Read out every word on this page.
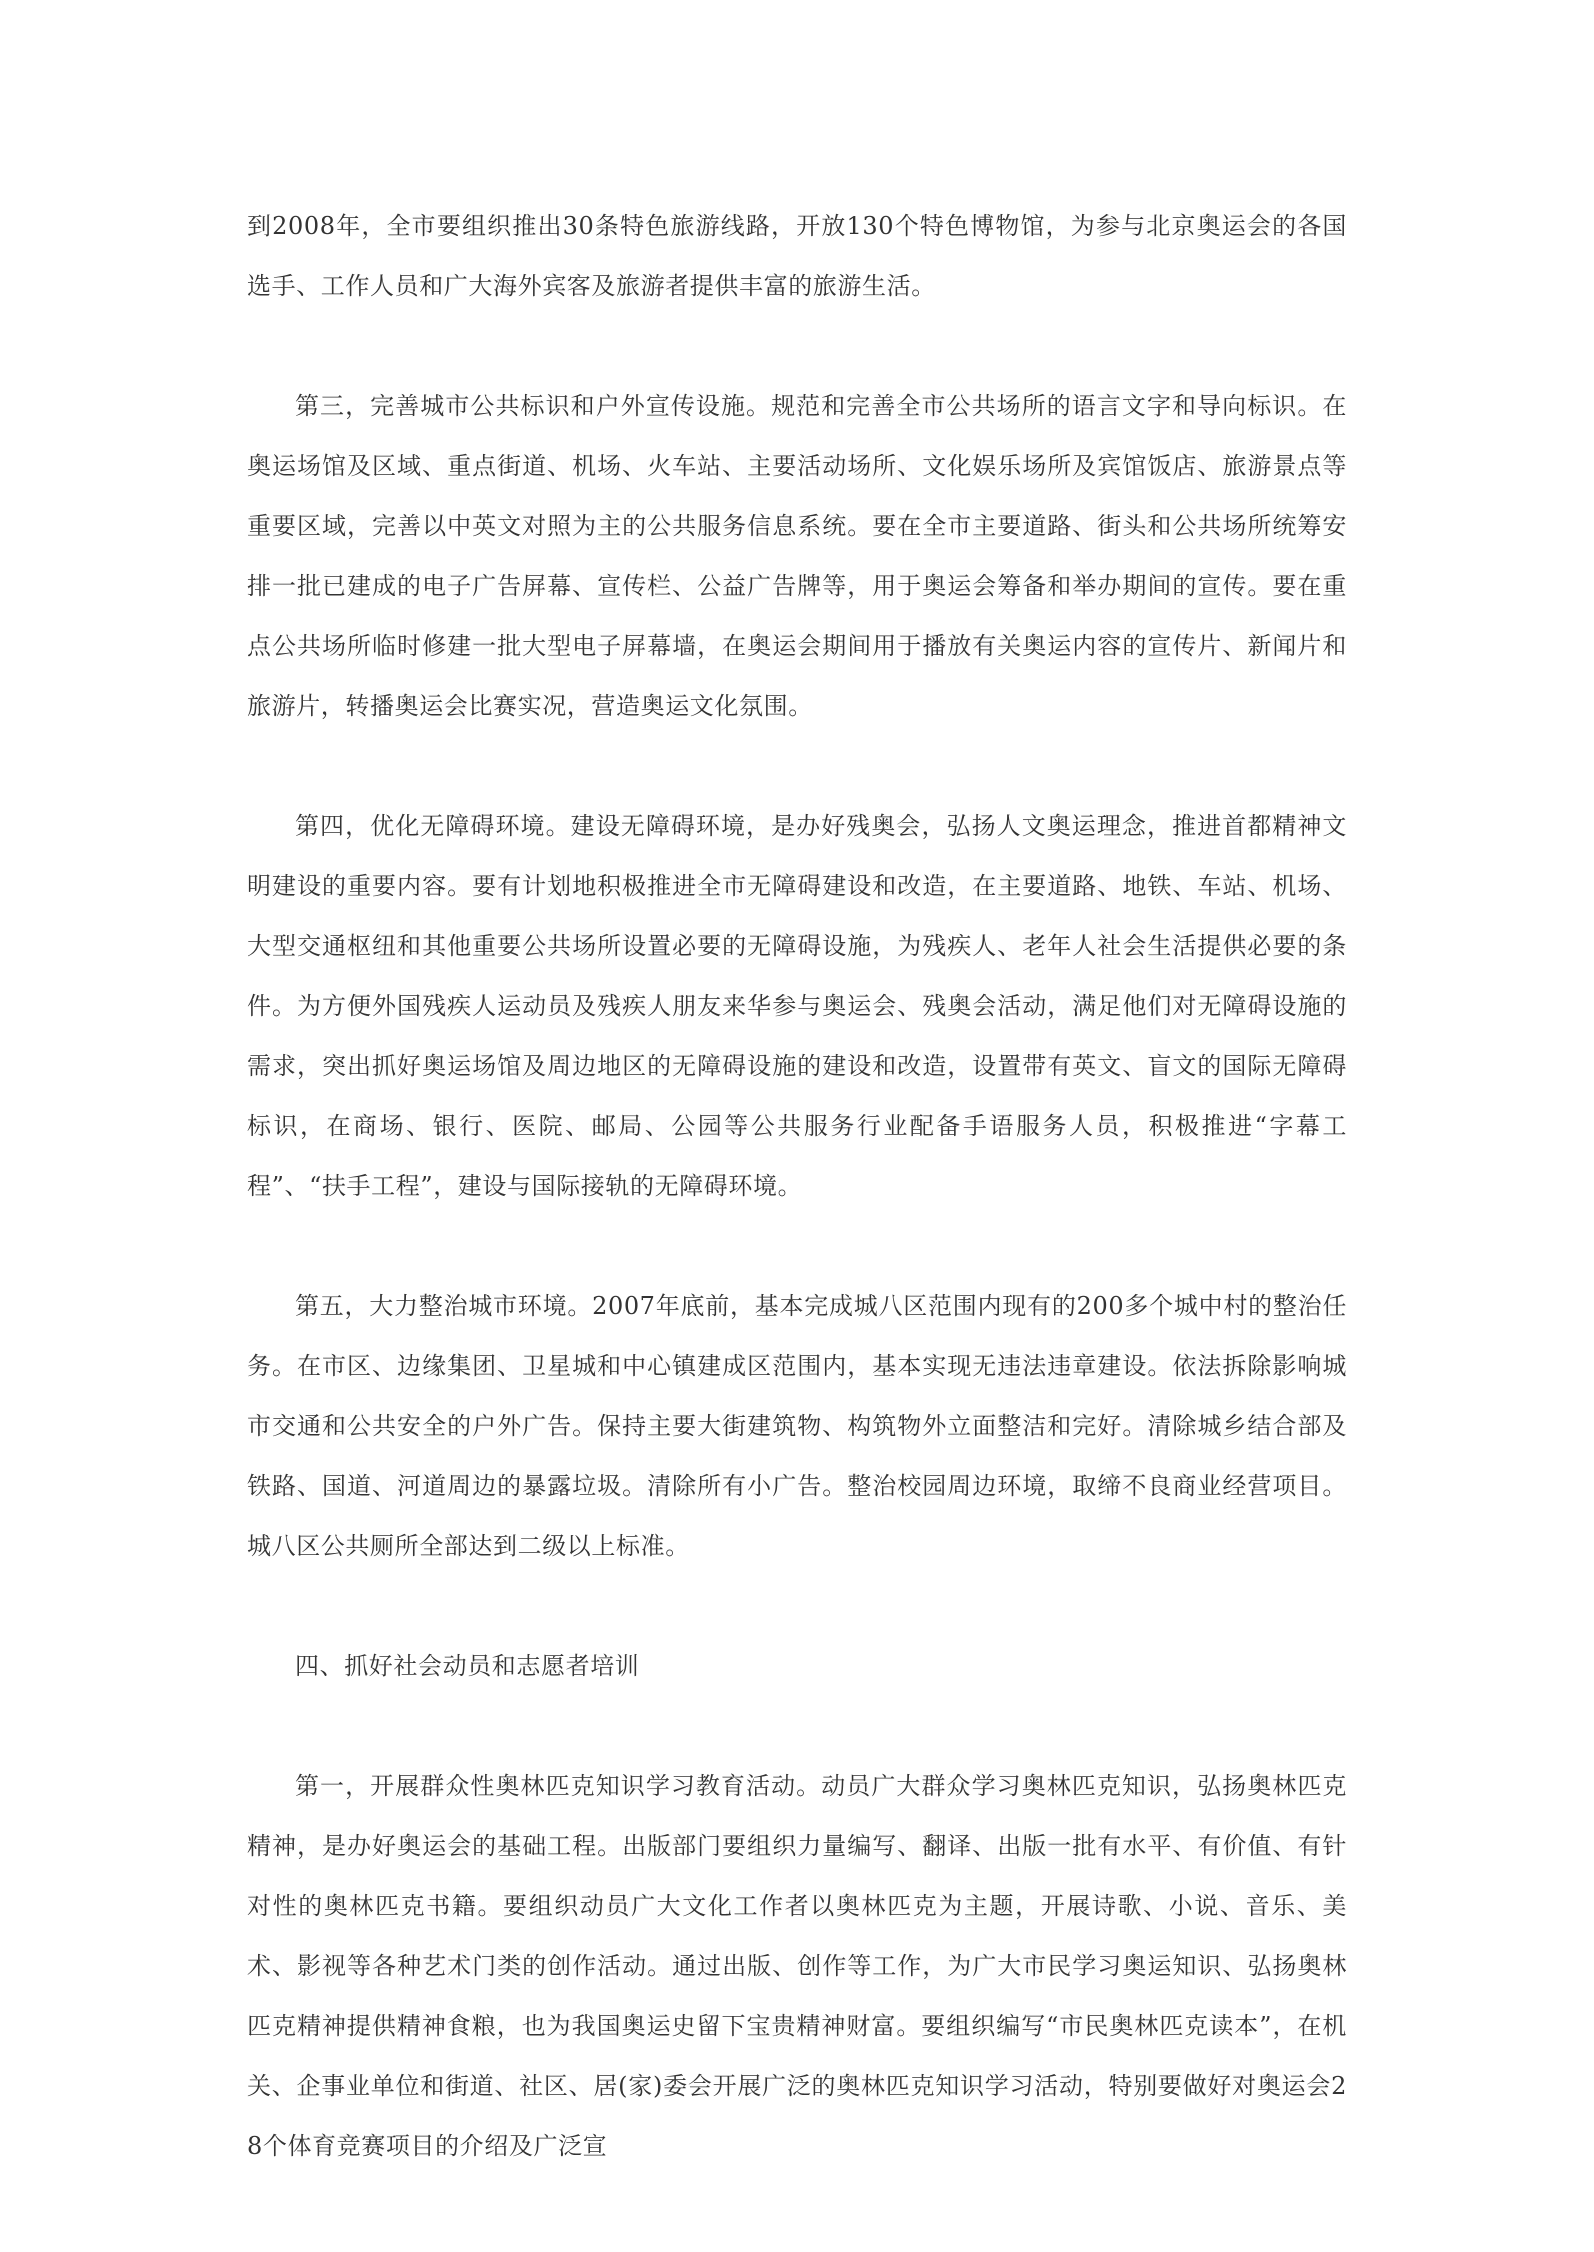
到2008年，全市要组织推出30条特色旅游线路，开放130个特色博物馆，为参与北京奥运会的各国选手、工作人员和广大海外宾客及旅游者提供丰富的旅游生活。

第三，完善城市公共标识和户外宣传设施。规范和完善全市公共场所的语言文字和导向标识。在奥运场馆及区域、重点街道、机场、火车站、主要活动场所、文化娱乐场所及宾馆饭店、旅游景点等重要区域，完善以中英文对照为主的公共服务信息系统。要在全市主要道路、街头和公共场所统筹安排一批已建成的电子广告屏幕、宣传栏、公益广告牌等，用于奥运会筹备和举办期间的宣传。要在重点公共场所临时修建一批大型电子屏幕墙，在奥运会期间用于播放有关奥运内容的宣传片、新闻片和旅游片，转播奥运会比赛实况，营造奥运文化氛围。

第四，优化无障碍环境。建设无障碍环境，是办好残奥会，弘扬人文奥运理念，推进首都精神文明建设的重要内容。要有计划地积极推进全市无障碍建设和改造，在主要道路、地铁、车站、机场、大型交通枢纽和其他重要公共场所设置必要的无障碍设施，为残疾人、老年人社会生活提供必要的条件。为方便外国残疾人运动员及残疾人朋友来华参与奥运会、残奥会活动，满足他们对无障碍设施的需求，突出抓好奥运场馆及周边地区的无障碍设施的建设和改造，设置带有英文、盲文的国际无障碍标识，在商场、银行、医院、邮局、公园等公共服务行业配备手语服务人员，积极推进“字幕工程”、“扶手工程”，建设与国际接轨的无障碍环境。

第五，大力整治城市环境。2007年底前，基本完成城八区范围内现有的200多个城中村的整治任务。在市区、边缘集团、卫星城和中心镇建成区范围内，基本实现无违法违章建设。依法拆除影响城市交通和公共安全的户外广告。保持主要大街建筑物、构筑物外立面整洁和完好。清除城乡结合部及铁路、国道、河道周边的暴露垃圾。清除所有小广告。整治校园周边环境，取缔不良商业经营项目。城八区公共厕所全部达到二级以上标准。

四、抓好社会动员和志愿者培训

第一，开展群众性奥林匹克知识学习教育活动。动员广大群众学习奥林匹克知识，弘扬奥林匹克精神，是办好奥运会的基础工程。出版部门要组织力量编写、翻译、出版一批有水平、有价值、有针对性的奥林匹克书籍。要组织动员广大文化工作者以奥林匹克为主题，开展诗歌、小说、音乐、美术、影视等各种艺术门类的创作活动。通过出版、创作等工作，为广大市民学习奥运知识、弘扬奥林匹克精神提供精神食粮，也为我国奥运史留下宝贵精神财富。要组织编写“市民奥林匹克读本”，在机关、企事业单位和街道、社区、居(家)委会开展广泛的奥林匹克知识学习活动，特别要做好对奥运会28个体育竞赛项目的介绍及广泛宣
